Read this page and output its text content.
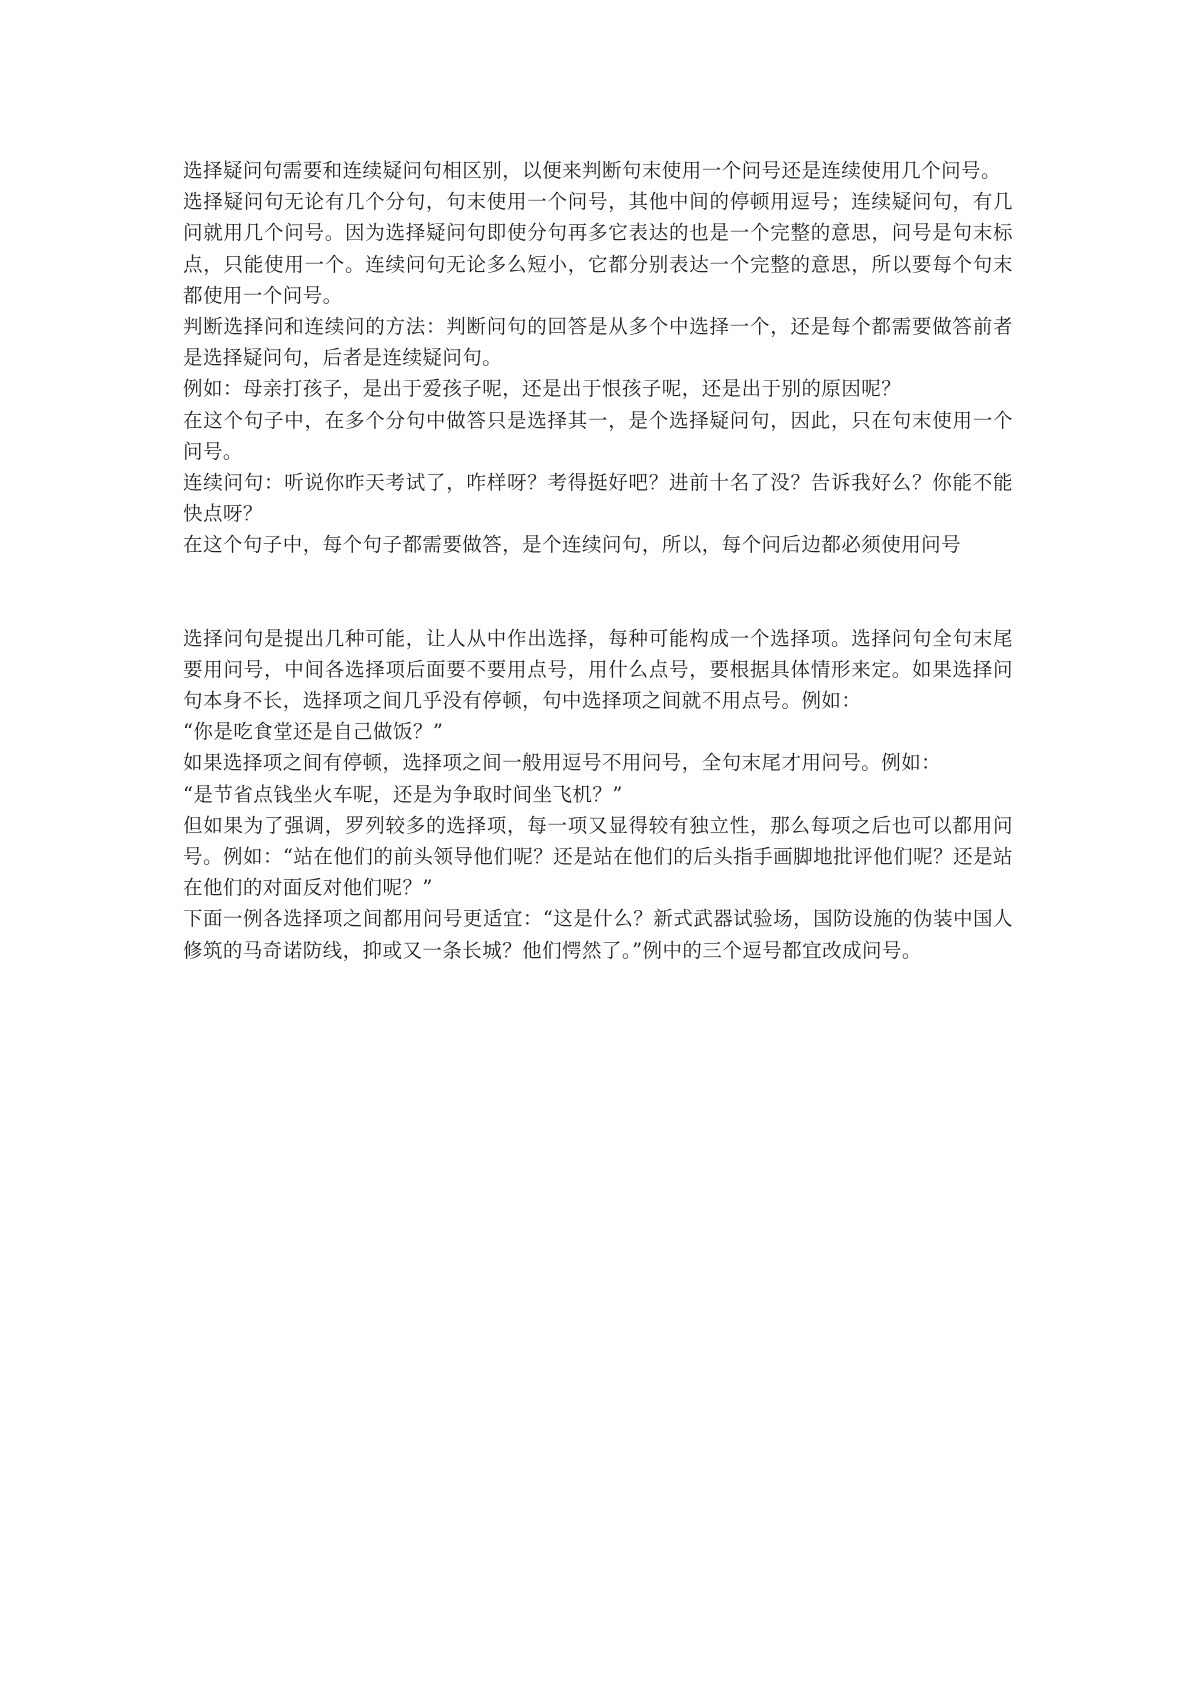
选择疑问句需要和连续疑问句相区别，以便来判断句末使用一个问号还是连续使用几个问号。

选择疑问句无论有几个分句，句末使用一个问号，其他中间的停顿用逗号；连续疑问句，有几问就用几个问号。因为选择疑问句即使分句再多它表达的也是一个完整的意思，问号是句末标点，只能使用一个。连续问句无论多么短小，它都分别表达一个完整的意思，所以要每个句末都使用一个问号。

判断选择问和连续问的方法：判断问句的回答是从多个中选择一个，还是每个都需要做答前者是选择疑问句，后者是连续疑问句。

例如：母亲打孩子，是出于爱孩子呢，还是出于恨孩子呢，还是出于别的原因呢？

在这个句子中，在多个分句中做答只是选择其一，是个选择疑问句，因此，只在句末使用一个问号。

连续问句：听说你昨天考试了，咋样呀？考得挺好吧？进前十名了没？告诉我好么？你能不能快点呀？

在这个句子中，每个句子都需要做答，是个连续问句，所以，每个问后边都必须使用问号

选择问句是提出几种可能，让人从中作出选择，每种可能构成一个选择项。选择问句全句末尾要用问号，中间各选择项后面要不要用点号，用什么点号，要根据具体情形来定。如果选择问句本身不长，选择项之间几乎没有停顿，句中选择项之间就不用点号。例如：

“你是吃食堂还是自己做饭？”

如果选择项之间有停顿，选择项之间一般用逗号不用问号，全句末尾才用问号。例如：

“是节省点钱坐火车呢，还是为争取时间坐飞机？”

但如果为了强调，罗列较多的选择项，每一项又显得较有独立性，那么每项之后也可以都用问号。例如：“站在他们的前头领导他们呢？还是站在他们的后头指手画脚地批评他们呢？还是站在他们的对面反对他们呢？”

下面一例各选择项之间都用问号更适宜：“这是什么？新式武器试验场，国防设施的伪装中国人修筑的马奇诺防线，抑或又一条长城？他们愕然了。”例中的三个逗号都宜改成问号。
